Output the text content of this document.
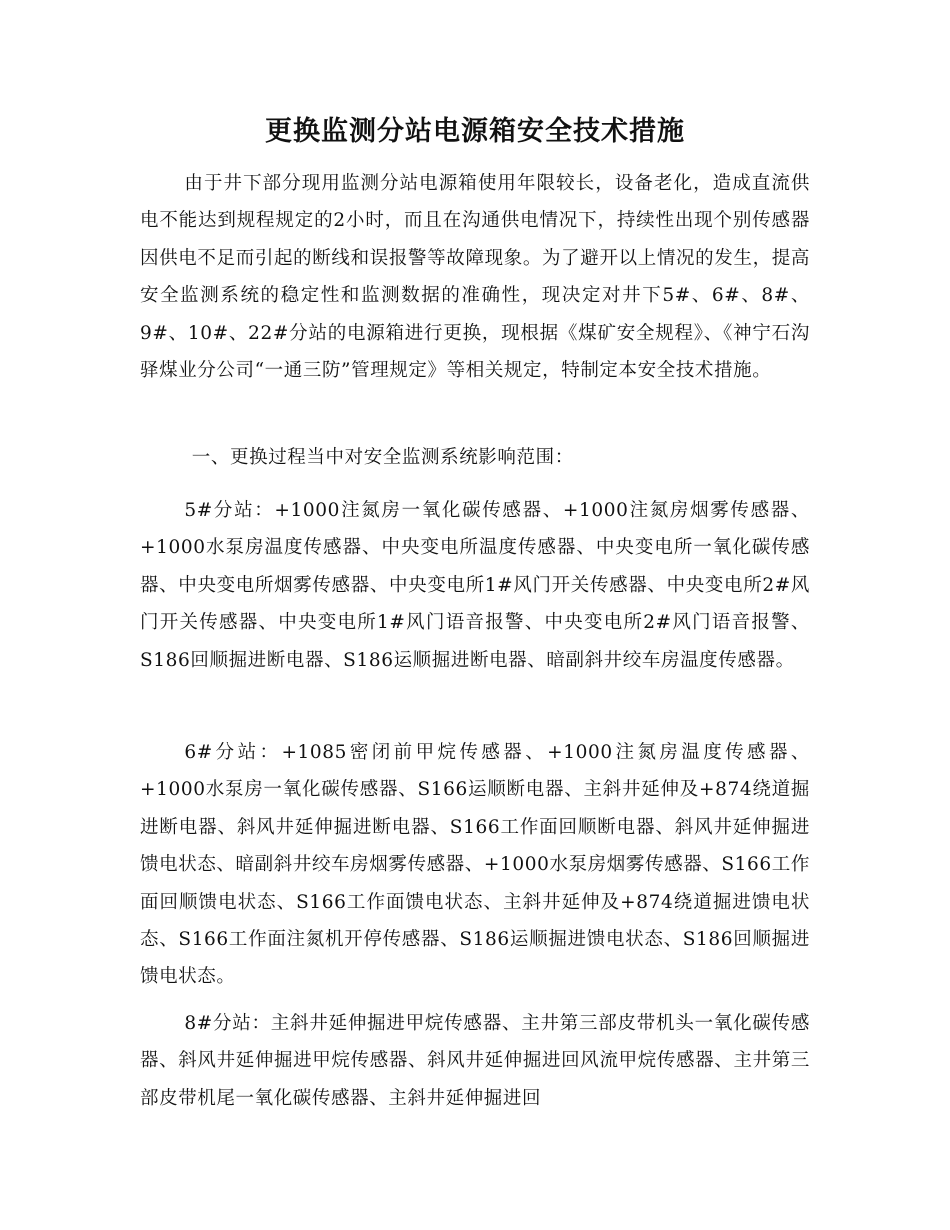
更换监测分站电源箱安全技术措施

由于井下部分现用监测分站电源箱使用年限较长，设备老化，造成直流供电不能达到规程规定的2小时，而且在沟通供电情况下，持续性出现个别传感器因供电不足而引起的断线和误报警等故障现象。为了避开以上情况的发生，提高安全监测系统的稳定性和监测数据的准确性，现决定对井下5#、6#、8#、9#、10#、22#分站的电源箱进行更换，现根据《煤矿安全规程》、《神宁石沟驿煤业分公司“一通三防”管理规定》等相关规定，特制定本安全技术措施。

一、更换过程当中对安全监测系统影响范围：

5#分站：+1000注氮房一氧化碳传感器、+1000注氮房烟雾传感器、+1000水泵房温度传感器、中央变电所温度传感器、中央变电所一氧化碳传感器、中央变电所烟雾传感器、中央变电所1#风门开关传感器、中央变电所2#风门开关传感器、中央变电所1#风门语音报警、中央变电所2#风门语音报警、S186回顺掘进断电器、S186运顺掘进断电器、暗副斜井绞车房温度传感器。

6#分站：+1085密闭前甲烷传感器、+1000注氮房温度传感器、+1000水泵房一氧化碳传感器、S166运顺断电器、主斜井延伸及+874绕道掘进断电器、斜风井延伸掘进断电器、S166工作面回顺断电器、斜风井延伸掘进馈电状态、暗副斜井绞车房烟雾传感器、+1000水泵房烟雾传感器、S166工作面回顺馈电状态、S166工作面馈电状态、主斜井延伸及+874绕道掘进馈电状态、S166工作面注氮机开停传感器、S186运顺掘进馈电状态、S186回顺掘进馈电状态。

8#分站：主斜井延伸掘进甲烷传感器、主井第三部皮带机头一氧化碳传感器、斜风井延伸掘进甲烷传感器、斜风井延伸掘进回风流甲烷传感器、主井第三部皮带机尾一氧化碳传感器、主斜井延伸掘进回
